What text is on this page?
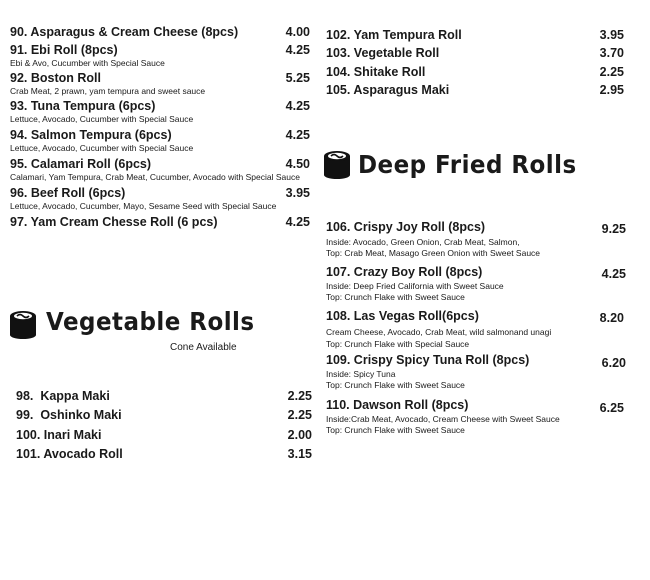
90. Asparagus & Cream Cheese (8pcs)	4.00
91. Ebi Roll (8pcs)	4.25
Ebi & Avo, Cucumber with Special Sauce
92. Boston Roll	5.25
Crab Meat, 2 prawn, yam tempura and sweet sauce
93. Tuna Tempura (6pcs)	4.25
Lettuce, Avocado, Cucumber with Special Sauce
94. Salmon Tempura (6pcs)	4.25
Lettuce, Avocado, Cucumber with Special Sauce
95. Calamari Roll (6pcs)	4.50
Calamari, Yam Tempura, Crab Meat, Cucumber, Avocado with Special Sauce
96. Beef Roll (6pcs)	3.95
Lettuce, Avocado, Cucumber, Mayo, Sesame Seed with Special Sauce
97. Yam Cream Chesse Roll (6 pcs)	4.25
Vegetable Rolls
Cone Available
98.  Kappa Maki	2.25
99.  Oshinko Maki	2.25
100. Inari Maki	2.00
101. Avocado Roll	3.15
102. Yam Tempura Roll	3.95
103. Vegetable Roll	3.70
104. Shitake Roll	2.25
105. Asparagus Maki	2.95
Deep Fried Rolls
106. Crispy Joy Roll (8pcs)	9.25
Inside: Avocado, Green Onion, Crab Meat, Salmon,
Top: Crab Meat, Masago Green Onion with Sweet Sauce
107. Crazy Boy Roll (8pcs)	4.25
Inside: Deep Fried California with Sweet Sauce
Top: Crunch Flake with Sweet Sauce
108. Las Vegas Roll(6pcs)	8.20
Cream Cheese, Avocado, Crab Meat, wild salmonand unagi
Top: Crunch Flake with Special Sauce
109. Crispy Spicy Tuna Roll (8pcs)	6.20
Inside: Spicy Tuna
Top: Crunch Flake with Sweet Sauce
110. Dawson Roll (8pcs)	6.25
Inside:Crab Meat, Avocado, Cream Cheese with Sweet Sauce
Top: Crunch Flake with Sweet Sauce
